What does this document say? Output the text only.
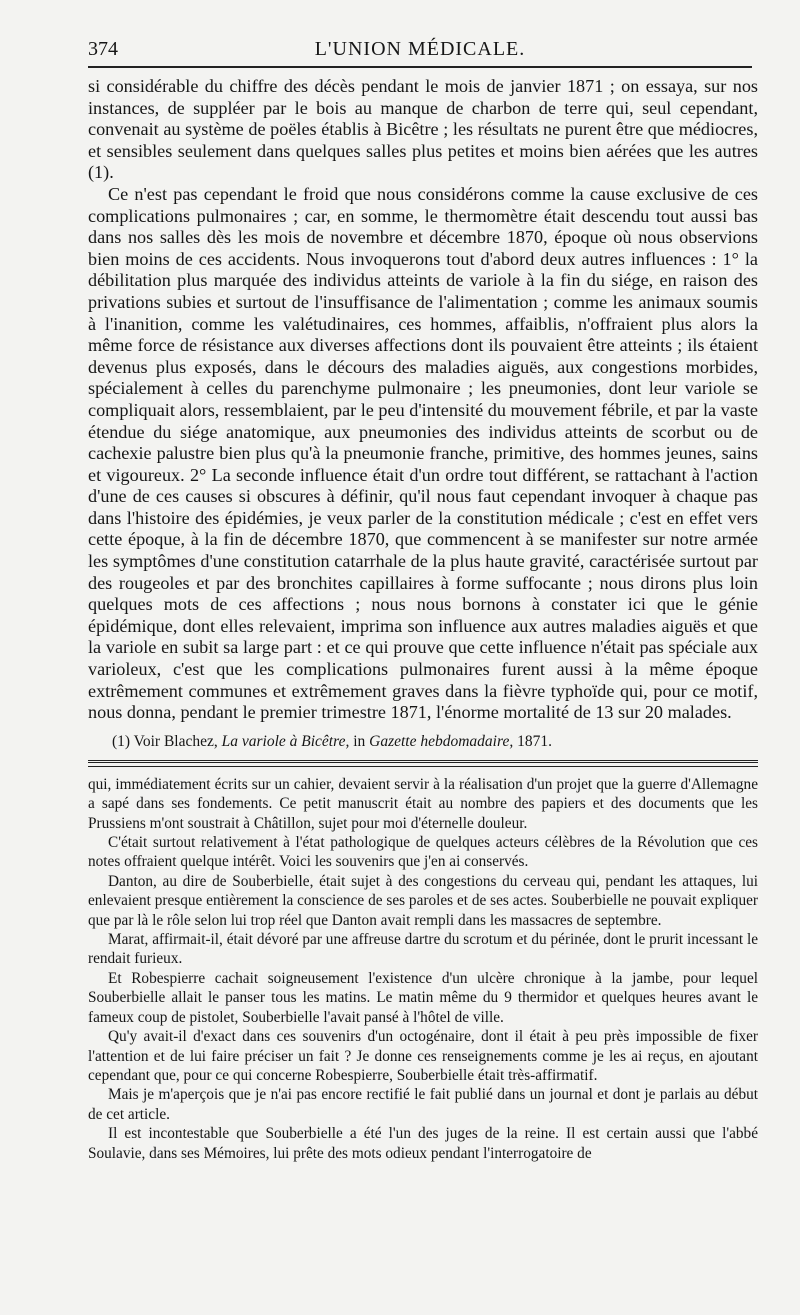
374	L'UNION MÉDICALE.

si considérable du chiffre des décès pendant le mois de janvier 1871 ; on essaya, sur nos instances, de suppléer par le bois au manque de charbon de terre qui, seul cependant, convenait au système de poëles établis à Bicêtre ; les résultats ne purent être que médiocres, et sensibles seulement dans quelques salles plus petites et moins bien aérées que les autres (1).

Ce n'est pas cependant le froid que nous considérons comme la cause exclusive de ces complications pulmonaires ; car, en somme, le thermomètre était descendu tout aussi bas dans nos salles dès les mois de novembre et décembre 1870, époque où nous observions bien moins de ces accidents. Nous invoquerons tout d'abord deux autres influences : 1° la débilitation plus marquée des individus atteints de variole à la fin du siége, en raison des privations subies et surtout de l'insuffisance de l'alimentation ; comme les animaux soumis à l'inanition, comme les valétudinaires, ces hommes, affaiblis, n'offraient plus alors la même force de résistance aux diverses affections dont ils pouvaient être atteints ; ils étaient devenus plus exposés, dans le décours des maladies aiguës, aux congestions morbides, spécialement à celles du parenchyme pulmonaire ; les pneumonies, dont leur variole se compliquait alors, ressemblaient, par le peu d'intensité du mouvement fébrile, et par la vaste étendue du siége anatomique, aux pneumonies des individus atteints de scorbut ou de cachexie palustre bien plus qu'à la pneumonie franche, primitive, des hommes jeunes, sains et vigoureux. 2° La seconde influence était d'un ordre tout différent, se rattachant à l'action d'une de ces causes si obscures à définir, qu'il nous faut cependant invoquer à chaque pas dans l'histoire des épidémies, je veux parler de la constitution médicale ; c'est en effet vers cette époque, à la fin de décembre 1870, que commencent à se manifester sur notre armée les symptômes d'une constitution catarrhale de la plus haute gravité, caractérisée surtout par des rougeoles et par des bronchites capillaires à forme suffocante ; nous dirons plus loin quelques mots de ces affections ; nous nous bornons à constater ici que le génie épidémique, dont elles relevaient, imprima son influence aux autres maladies aiguës et que la variole en subit sa large part : et ce qui prouve que cette influence n'était pas spéciale aux varioleux, c'est que les complications pulmonaires furent aussi à la même époque extrêmement communes et extrêmement graves dans la fièvre typhoïde qui, pour ce motif, nous donna, pendant le premier trimestre 1871, l'énorme mortalité de 13 sur 20 malades.

(1) Voir Blachez, La variole à Bicêtre, in Gazette hebdomadaire, 1871.

qui, immédiatement écrits sur un cahier, devaient servir à la réalisation d'un projet que la guerre d'Allemagne a sapé dans ses fondements. Ce petit manuscrit était au nombre des papiers et des documents que les Prussiens m'ont soustrait à Châtillon, sujet pour moi d'éternelle douleur.

C'était surtout relativement à l'état pathologique de quelques acteurs célèbres de la Révolution que ces notes offraient quelque intérêt. Voici les souvenirs que j'en ai conservés.

Danton, au dire de Souberbielle, était sujet à des congestions du cerveau qui, pendant les attaques, lui enlevaient presque entièrement la conscience de ses paroles et de ses actes. Souberbielle ne pouvait expliquer que par là le rôle selon lui trop réel que Danton avait rempli dans les massacres de septembre.

Marat, affirmait-il, était dévoré par une affreuse dartre du scrotum et du périnée, dont le prurit incessant le rendait furieux.

Et Robespierre cachait soigneusement l'existence d'un ulcère chronique à la jambe, pour lequel Souberbielle allait le panser tous les matins. Le matin même du 9 thermidor et quelques heures avant le fameux coup de pistolet, Souberbielle l'avait pansé à l'hôtel de ville.

Qu'y avait-il d'exact dans ces souvenirs d'un octogénaire, dont il était à peu près impossible de fixer l'attention et de lui faire préciser un fait ? Je donne ces renseignements comme je les ai reçus, en ajoutant cependant que, pour ce qui concerne Robespierre, Souberbielle était très-affirmatif.

Mais je m'aperçois que je n'ai pas encore rectifié le fait publié dans un journal et dont je parlais au début de cet article.

Il est incontestable que Souberbielle a été l'un des juges de la reine. Il est certain aussi que l'abbé Soulavie, dans ses Mémoires, lui prête des mots odieux pendant l'interrogatoire de
